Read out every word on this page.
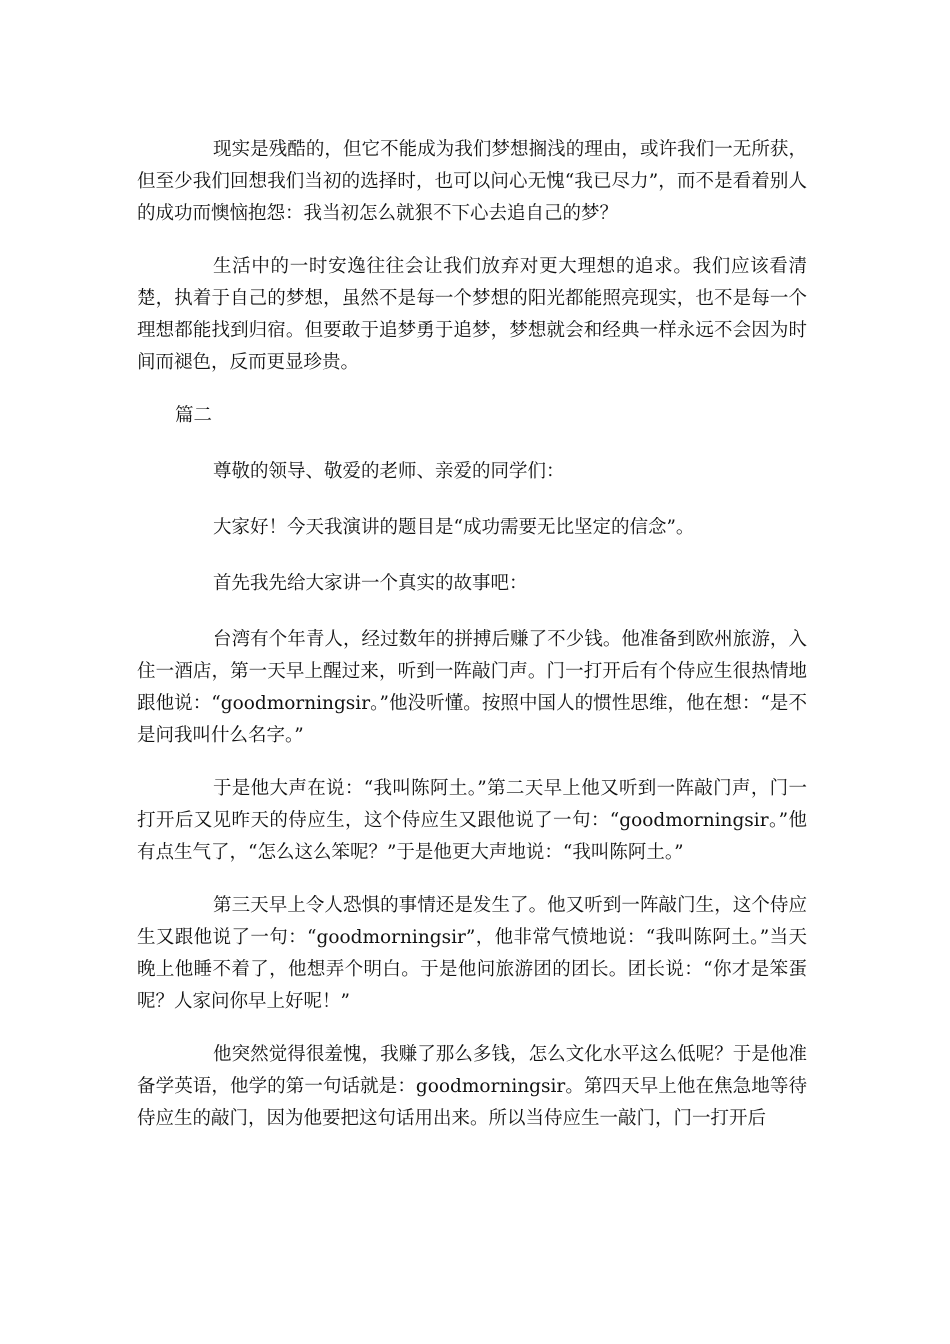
现实是残酷的，但它不能成为我们梦想搁浅的理由，或许我们一无所获，但至少我们回想我们当初的选择时，也可以问心无愧“我已尽力”，而不是看着别人的成功而懊恼抱怨：我当初怎么就狠不下心去追自己的梦？

生活中的一时安逸往往会让我们放弃对更大理想的追求。我们应该看清楚，执着于自己的梦想，虽然不是每一个梦想的阳光都能照亮现实，也不是每一个理想都能找到归宿。但要敢于追梦勇于追梦，梦想就会和经典一样永远不会因为时间而褪色，反而更显珍贵。

篇二

尊敬的领导、敬爱的老师、亲爱的同学们：

大家好！今天我演讲的题目是“成功需要无比坚定的信念”。

首先我先给大家讲一个真实的故事吧：

台湾有个年青人，经过数年的拼搏后赚了不少钱。他准备到欧州旅游，入住一酒店，第一天早上醒过来，听到一阵敲门声。门一打开后有个侍应生很热情地跟他说：“goodmorningsir。”他没听懂。按照中国人的惯性思维，他在想：“是不是问我叫什么名字。”

于是他大声在说：“我叫陈阿土。”第二天早上他又听到一阵敲门声，门一打开后又见昨天的侍应生，这个侍应生又跟他说了一句：“goodmorningsir。”他有点生气了，“怎么这么笨呢？”于是他更大声地说：“我叫陈阿土。”

第三天早上令人恐惧的事情还是发生了。他又听到一阵敲门生，这个侍应生又跟他说了一句：“goodmorningsir”，他非常气愤地说：“我叫陈阿土。”当天晚上他睡不着了，他想弄个明白。于是他问旅游团的团长。团长说：“你才是笨蛋呢？人家问你早上好呢！”

他突然觉得很羞愧，我赚了那么多钱，怎么文化水平这么低呢？于是他准备学英语，他学的第一句话就是：goodmorningsir。第四天早上他在焦急地等待侍应生的敲门，因为他要把这句话用出来。所以当侍应生一敲门，门一打开后
